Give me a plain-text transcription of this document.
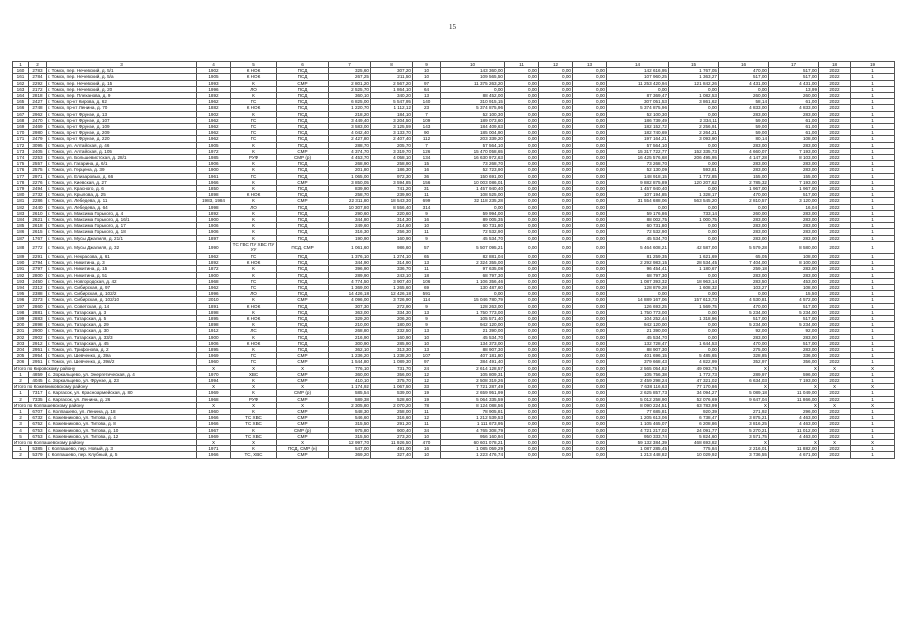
15
1	2	3	4	5	6	7	8	9	10	11	12	13	14	15	16	17	18	19
160	2783	г. Томск, пер. Нечевский, д. 5/1	1902	К НОК	ПСД	325,60	307,20	10	143 360,00	0,00	0,00	0,00	142 616,95	1 767,05	470,00	517,00	2022	1
161	2784	г. Томск, пер. Нечевский, д. 5/а	1905	К НОК	ПСД	267,25	211,50	10	109 565,50	0,00	0,00	0,00	107 960,25	1 363,27	517,00	517,00	2022	1
162	2292	г. Томск, пер. Нечевский, д. 15	1993	К	СМР	2 801,20	2 567,20	97	11 375 263,20	0,00	0,00	0,00	11 253 420,94	121 842,26	4 431,00	4 431,00	2022	1
163	2172	г. Томск, пер. Нечевский, д. 20	1996	ЛО	ПСД	2 525,70	1 864,10	64	0,00	0,00	0,00	0,00	0,00	0,00	0,00	13,99	2022	1
164	2818	г. Томск, пер. Плеханова, д. 9	1892	К	ПСД	360,10	340,20	13	88 452,00	0,00	0,00	0,00	87 369,47	1 082,53	260,00	260,00	2022	1
165	2427	г. Томск, пр-кт Кирова, д. 62	1962	ГС	ПСД	6 825,00	5 547,95	140	310 915,15	0,00	0,00	0,00	307 051,53	3 861,62	58,14	61,00	2022	1
166	2748	г. Томск, пр-кт Ленина, д. 70	1882	К НОК	ПСД	1 220,70	1 112,12	23	5 374 875,96	0,00	0,00	0,00	5 374 875,96	0,00	4 833,00	4 833,00	2022	1
167	2962	г. Томск, пр-кт Фрунзе, д. 13	1902	К	ПСД	218,20	184,10	7	52 100,30	0,00	0,00	0,00	52 100,30	0,00	283,00	283,00	2022	1
168	2470	г. Томск, пр-кт Фрунзе, д. 107	1962	ГС	ПСД	3 449,40	3 204,50	109	189 073,60	0,00	0,00	0,00	186 739,49	2 334,11	59,00	61,00	2022	1
169	2469	г. Томск, пр-кт Фрунзе, д. 109	1962	ГС	ПСД	3 583,00	3 125,59	143	184 409,63	0,00	0,00	0,00	182 152,72	2 256,91	59,00	61,00	2022	1
170	2980	г. Томск, пр-кт Фрунзе, д. 209	1962	ГС	ПСД	4 042,40	3 133,70	90	185 004,90	0,00	0,00	0,00	182 740,69	2 264,21	59,00	61,00	2022	1
171	2479	г. Томск, пр-кт Фрунзе, д. 220	1962	ГС	ПСД	2 427,80	2 407,40	112	203 339,20	0,00	0,00	0,00	197 164,21	3 093,90	80,14	108,00	2022	1
172	3095	г. Томск, ул. Алтайская, д. 46	1905	К	ПСД	288,70	205,70	7	57 564,10	0,00	0,00	0,00	57 564,10	0,00	283,00	283,00	2022	1
173	2405	г. Томск, ул. Алтайская, д. 105	1972	К	СМР	4 374,70	3 319,70	126	15 470 058,65	0,00	0,00	0,00	15 317 722,77	152 335,73	4 660,07	7 193,00	2022	1
174	2253	г. Томск, ул. Большевистская, д. 28/1	1985	РУФ	СМР (р)	4 453,70	4 058,10	134	16 630 972,63	0,00	0,00	0,00	16 425 576,68	206 495,95	4 147,28	8 103,00	2022	1
175	2557	г. Томск, ул. Гагарина, д. 6/1	1906	К	ПСД	268,90	258,90	15	73 268,70	0,00	0,00	0,00	73 268,70	0,00	283,00	283,00	2022	1
176	2575	г. Томск, ул. Герцена, д. 39	1900	К	ПСД	201,80	186,30	16	52 723,90	0,00	0,00	0,00	52 130,09	593,81	283,00	283,00	2022	1
177	2971	г. Томск, ул. Елизаровых, д. 66	1961	ГС	ПСД	1 065,00	972,30	36	150 691,00	0,00	0,00	0,00	148 918,15	1 772,85	155,00	155,00	2022	1
178	2276	г. Томск, ул. Киевская, д. 27	1966	К	СМР	3 850,05	3 594,85	156	10 003 086,01	0,00	0,00	0,00	9 882 875,89	120 207,62	2 785,32	7 193,00	2022	1
179	2494	г. Томск, ул. Красного, д. 6	1850	К	ПСД	839,90	741,20	31	1 457 940,40	0,00	0,00	0,00	1 457 940,40	0,00	1 967,00	1 967,00	2022	1
180	2732	г. Томск, ул. Крылова, д. 25	1898	К НОК	ПСД	258,70	239,90	11	108 525,00	0,00	0,00	0,00	107 194,85	1 328,17	470,00	517,00	2022	1
181	2286	г. Томск, ул. Лебедева, д. 11	1983, 1984	К	СМР	22 311,80	18 543,30	699	32 118 235,28	0,00	0,00	0,00	31 554 688,06	563 545,20	2 810,57	3 120,00	2022	1
182	2440	г. Томск, ул. Лебедева, д. 64	1998	ЛО	ПСД	10 307,80	8 556,40	314	0,00	0,00	0,00	0,00	0,00	0,00	0,00	16,04	2022	1
183	2610	г. Томск, ул. Максима Горького, д. 4	1892	К	ПСД	290,60	220,60	9	59 994,00	0,00	0,00	0,00	59 176,86	733,14	260,00	283,00	2022	1
184	2621	г. Томск, ул. Максима Горького, д. 16/1	1900	К	ПСД	344,80	314,30	16	89 005,35	0,00	0,00	0,00	88 002,75	1 000,75	283,00	283,00	2022	1
185	2618	г. Томск, ул. Максима Горького, д. 17	1906	К	ПСД	249,60	214,60	10	60 731,80	0,00	0,00	0,00	60 731,80	0,00	283,00	283,00	2022	1
186	2615	г. Томск, ул. Максима Горького, д. 18	1906	К	ПСД	316,30	256,30	11	72 532,90	0,00	0,00	0,00	72 532,90	0,00	283,00	283,00	2022	1
187	1767	г. Томск, ул. Мусы Джалиля, д. 21/1	1897	К	ПСД	190,90	160,90	9	45 534,70	0,00	0,00	0,00	45 534,70	0,00	283,00	283,00	2022	1
188	2772	г. Томск, ул. Мусы Джалиля, д. 32	1990	ТС ГВС ПУ ХВС ПУ УУ	ПСД, СМР	1 061,60	986,60	57	5 507 095,21	0,00	0,00	0,00	5 464 608,21	42 587,00	5 579,28	8 580,00	2022	1
189	2291	г. Томск, ул. Некрасова, д. 61	1962	ГС	ПСД	1 376,10	1 274,10	65	82 881,04	0,00	0,00	0,00	81 259,35	1 621,69	65,05	108,00	2022	1
190	2794	г. Томск, ул. Никитина, д. 3	1892	К НОК	ПСД	344,90	314,90	13	2 324 355,00	0,00	0,00	0,00	2 292 983,15	28 534,45	7 404,00	8 100,00	2022	1
191	2797	г. Томск, ул. Никитина, д. 15	1872	К	ПСД	396,90	336,70	11	97 635,08	0,00	0,00	0,00	96 454,41	1 180,67	259,18	283,00	2022	1
192	2800	г. Томск, ул. Никитина, д. 51	1900	К	ПСД	289,90	243,10	18	68 797,30	0,00	0,00	0,00	68 797,30	0,00	283,00	283,00	2022	1
193	2450	г. Томск, ул. Новгородская, д. 42	1968	ГС	ПСД	4 774,50	3 907,40	106	1 106 356,46	0,00	0,00	0,00	1 087 393,32	18 963,14	283,50	453,00	2022	1
194	2312	г. Томск, ул. Сибирская, д. 97	1962	ГС	ПСД	1 369,00	1 265,60	69	130 487,60	0,00	0,00	0,00	128 879,28	1 608,32	103,27	108,00	2022	1
195	2388	г. Томск, ул. Сибирская, д. 102/2	1996	ЛО	ПСД	14 426,18	12 426,18	591	0,00	0,00	0,00	0,00	0,00	0,00	0,00	15,50	2022	1
196	2373	г. Томск, ул. Сибирская, д. 102/10	2010	К	СМР	4 096,00	3 726,90	114	15 046 780,79	0,00	0,00	0,00	14 889 167,06	157 613,73	4 530,81	4 572,00	2022	1
197	2860	г. Томск, ул. Советская, д. 14	1891	К НОК	ПСД	307,30	272,90	9	128 263,00	0,00	0,00	0,00	126 693,25	1 569,75	470,00	517,00	2022	1
198	2881	г. Томск, ул. Татарская, д. 3	1898	К	ПСД	363,00	334,30	13	1 750 773,00	0,00	0,00	0,00	1 750 773,00	0,00	5 234,00	5 234,00	2022	1
199	2883	г. Томск, ул. Татарская, д. 5	1895	К НОК	ПСД	329,20	206,20	9	105 571,40	0,00	0,00	0,00	104 252,44	1 318,96	517,00	517,00	2022	1
200	2898	г. Томск, ул. Татарская, д. 29	1898	К	ПСД	210,00	180,00	9	942 120,00	0,00	0,00	0,00	942 120,00	0,00	5 234,00	5 234,00	2022	1
201	2900	г. Томск, ул. Татарская, д. 30	1912	ЛС	ПСД	268,80	232,50	13	21 390,00	0,00	0,00	0,00	21 390,00	0,00	92,00	92,00	2022	1
202	2902	г. Томск, ул. Татарская, д. 33/3	1900	К	ПСД	216,90	160,90	10	45 534,70	0,00	0,00	0,00	45 534,70	0,00	283,00	283,00	2022	1
203	2912	г. Томск, ул. Татарская, д. 45	1906	К НОК	ПСД	300,90	285,90	10	134 373,00	0,00	0,00	0,00	132 728,47	1 644,53	470,00	517,00	2022	1
204	2951	г. Томск, ул. Трифонова, д. 2	1895	К	ПСД	362,10	313,30	13	88 907,30	0,00	0,00	0,00	88 907,30	0,00	275,00	283,00	2022	1
205	2954	г. Томск, ул. Шевченко, д. 39а	1969	ГС	СМР	1 236,20	1 238,20	107	407 181,80	0,00	0,00	0,00	401 696,15	5 485,65	328,85	336,00	2022	1
206	2951	г. Томск, ул. Шевченко, д. 39в/2	1960	ГС	СМР	1 544,80	1 089,30	97	384 491,40	0,00	0,00	0,00	379 668,43	4 822,99	352,97	356,00	2022	1
Итого по Кировскому району			Х	Х	Х	776,10	731,70	24	2 614 128,57	0,00	0,00	0,00	2 565 054,82	49 093,75	Х	Х	Х	Х
1	4859	с. Зоркальцево, ул. Энергетическая, д. 4	1970	ХВС	СМР	360,00	356,00	12	105 809,31	0,00	0,00	0,00	105 756,38	1 772,73	289,97	596,00	2022	1
2	4045	с. Зоркальцево, ул. Фрунзе, д. 23	1994	К	СМР	410,10	375,70	12	2 508 319,26	0,00	0,00	0,00	2 459 298,24	47 321,02	6 634,03	7 193,00	2022	1
Итого по Кожевниковскому району			Х	Х	Х	1 174,92	1 067,50	33	7 721 287,49	0,00	0,00	0,00	7 638 116,63	77 170,86	Х	Х	Х	Х
1	7317	с. Каргасок, ул. Красноармейская, д. 80	1969	К	СМР (р)	585,54	539,00	19	2 659 951,99	0,00	0,00	0,00	2 625 857,73	34 094,27	5 089,18	11 049,00	2022	1
2	7335	с. Каргасок, ул. Ленина, д. 26	1968	РУФ	СМР	589,38	528,60	19	5 064 335,59	0,00	0,00	0,00	5 012 258,90	52 076,69	9 647,04	11 866,00	2022	1
Итого по Колпашевскому району			Х	Х	Х	2 305,80	2 070,20	78	8 124 088,56	0,00	0,00	0,00	8 090 224,51	63 783,99	Х	Х	Х	Х
1	6707	с. Колпашево, ул. Ленина, д. 18	1960	К	СМР	548,30	258,00	11	78 905,81	0,00	0,00	0,00	77 685,81	920,39	271,92	296,00	2022	1
2	6732	с. Кожевниково, ул. Титова, д. 4	1966	ТС ХВС	СМР	546,60	316,60	12	1 212 539,53	0,00	0,00	0,00	1 205 613,06	6 738,47	3 875,21	4 463,00	2022	1
3	6752	с. Кожевниково, ул. Титова, д. 8	1966	ТС ХВС	СМР	315,50	291,20	11	1 111 673,95	0,00	0,00	0,00	1 105 465,07	6 208,86	3 816,25	4 463,00	2022	1
4	6753	с. Кожевниково, ул. Титова, д. 10	1967	К	СМР (р)	975,80	900,40	34	4 765 308,79	0,00	0,00	0,00	4 721 217,02	24 091,77	5 270,21	11 012,00	2022	1
5	6753	с. Кожевниково, ул. Титова, д. 12	1969	ТС ХВС	СМР	315,50	273,20	10	956 160,94	0,00	0,00	0,00	950 333,74	5 824,60	3 571,75	4 463,00	2022	1
Итого по Колпашевскому району			Х	Х	Х	12 997,70	11 926,50	470	60 601 078,21	0,00	0,00	0,00	59 132 384,39	468 693,82	Х	Х	Х	Х
1	5385	г. Колпашево, пер. Новый, д. 3	1971	К	ПСД, СМР (н)	547,00	491,00	16	1 085 059,29	0,00	0,00	0,00	1 087 285,45	775,84	2 216,01	11 882,00	2022	1
2	5379	г. Колпашево, пер. Клубный, д. 5	1966	ТС, ХВС	СМР	369,20	327,40	10	1 223 476,74	0,00	0,00	0,00	1 213 448,82	10 029,92	3 736,55	4 671,00	2022	1
